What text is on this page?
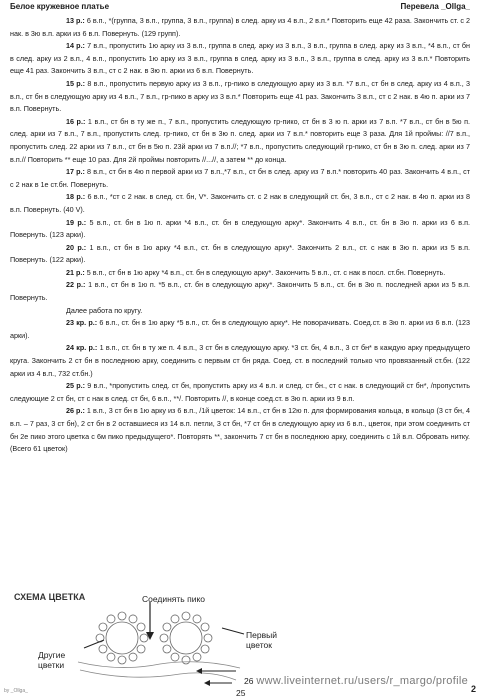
Белое кружевное платье	Перевела _Ollga_
13 р.: 6 в.п., *(группа, 3 в.п., группа, 3 в.п., группа) в след. арку из 4 в.п., 2 в.п.* Повторить еще 42 раза. Закончить ст. с 2 нак. в 3ю в.п. арки из 6 в.п. Повернуть. (129 групп).
14 р.: 7 в.п., пропустить 1ю арку из 3 в.п., группа в след. арку из 3 в.п., 3 в.п., группа в след. арку из 3 в.п., *4 в.п., ст бн в след. арку из 2 в.п., 4 в.п., пропустить 1ю арку из 3 в.п., группа в след. арку из 3 в.п., 3 в.п., группа в след. арку из 3 в.п.* Повторить еще 41 раз. Закончить 3 в.п., ст с 2 нак. в 3ю п. арки из 6 в.п. Повернуть.
15 р.: 8 в.п., пропустить первую арку из 3 в.п., гр-пико в следующую арку из 3 в.п. *7 в.п., ст бн в след. арку из 4 в.п., 3 в.п., ст бн в следующую арку из 4 в.п., 7 в.п., гр-пико в арку из 3 в.п.* Повторить еще 41 раз. Закончить 3 в.п., ст с 2 нак. в 4ю п. арки из 7 в.п. Повернуть.
16 р.: 1 в.п., ст бн в ту же п., 7 в.п., пропустить следующую гр-пико, ст бн в 3 ю п. арки из 7 в.п. *7 в.п., ст бн в 5ю п. след. арки из 7 в.п., 7 в.п., пропустить след. гр-пико, ст бн в 3ю п. след. арки из 7 в.п.* повторить еще 3 раза. Для 1й проймы: //7 в.п., пропустить след. 22 арки из 7 в.п., ст бн в 5ю п. 23й арки из 7 в.п.//; *7 в.п., пропустить следующий гр-пико, ст бн в 3ю п. след. арки из 7 в.п.// Повторить ** еще 10 раз. Для 2й проймы повторить //...//, а затем ** до конца.
17 р.: 8 в.п., ст бн в 4ю п первой арки из 7 в.п.,*7 в.п., ст бн в след. арку из 7 в.п.* повторить 40 раз. Закончить 4 в.п., ст с 2 нак в 1е ст.бн. Повернуть.
18 р.: 6 в.п., *ст с 2 нак. в след. ст. бн, V*. Закончить ст. с 2 нак в следующий ст. бн, 3 в.п., ст с 2 нак. в 4ю п. арки из 8 в.п. Повернуть. (40 V).
19 р.: 5 в.п., ст. бн в 1ю п. арки *4 в.п., ст. бн в следующую арку*. Закончить 4 в.п., ст. бн в 3ю п. арки из 6 в.п. Повернуть. (123 арки).
20 р.: 1 в.п., ст бн в 1ю арку *4 в.п., ст. бн в следующую арку*. Закончить 2 в.п., ст. с нак в 3ю п. арки из 5 в.п. Повернуть. (122 арки).
21 р.: 5 в.п., ст бн в 1ю арку *4 в.п., ст. бн в следующую арку*. Закончить 5 в.п., ст. с нак в посл. ст.бн. Повернуть.
22 р.: 1 в.п., ст бн в 1ю п. *5 в.п., ст. бн в следующую арку*. Закончить 5 в.п., ст. бн в 3ю п. последней арки из 5 в.п. Повернуть.
Далее работа по кругу.
23 кр. р.: 6 в.п., ст. бн в 1ю арку *5 в.п., ст. бн в следующую арку*. Не поворачивать. Соед.ст. в 3ю п. арки из 6 в.п. (123 арки).
24 кр. р.: 1 в.п., ст. бн в ту же п. 4 в.п., 3 ст бн в следующую арку. *3 ст. бн, 4 в.п., 3 ст бн* в каждую арку предыдущего круга. Закончить 2 ст бн в последнюю арку, соединить с первым ст бн ряда. Соед. ст. в последний только что провязанный ст.бн. (122 арки из 4 в.п., 732 ст.бн.)
25 р.: 9 в.п., *пропустить след. ст бн, пропустить арку из 4 в.п. и след. ст бн., ст с нак. в следующий ст бн*, /пропустить следующие 2 ст бн, ст с нак в след. ст бн, 6 в.п., **/. Повторить //, в конце соед.ст. в 3ю п. арки из 9 в.п.
26 р.: 1 в.п., 3 ст бн в 1ю арку из 6 в.п., /1й цветок: 14 в.п., ст бн в 12ю п. для формирования кольца, в кольцо (3 ст бн, 4 в.п. – 7 раз, 3 ст бн), 2 ст бн в 2 оставшиеся из 14 в.п. петли, 3 ст бн, *7 ст бн в следующую арку из 6 в.п., цветок, при этом соединить ст бн 2е пико этого цветка с 6м пико предыдущего*. Повторять **, закончить 7 ст бн в последнюю арку, соединить с 1й в.п. Обровать нитку. (Всего 61 цветок)
СХЕМА ЦВЕТКА	Соединять пико
Первый цветок
Другие цветки
26
25
www.liveinternet.ru/users/r_margo/profile
by _Ollga_	2
